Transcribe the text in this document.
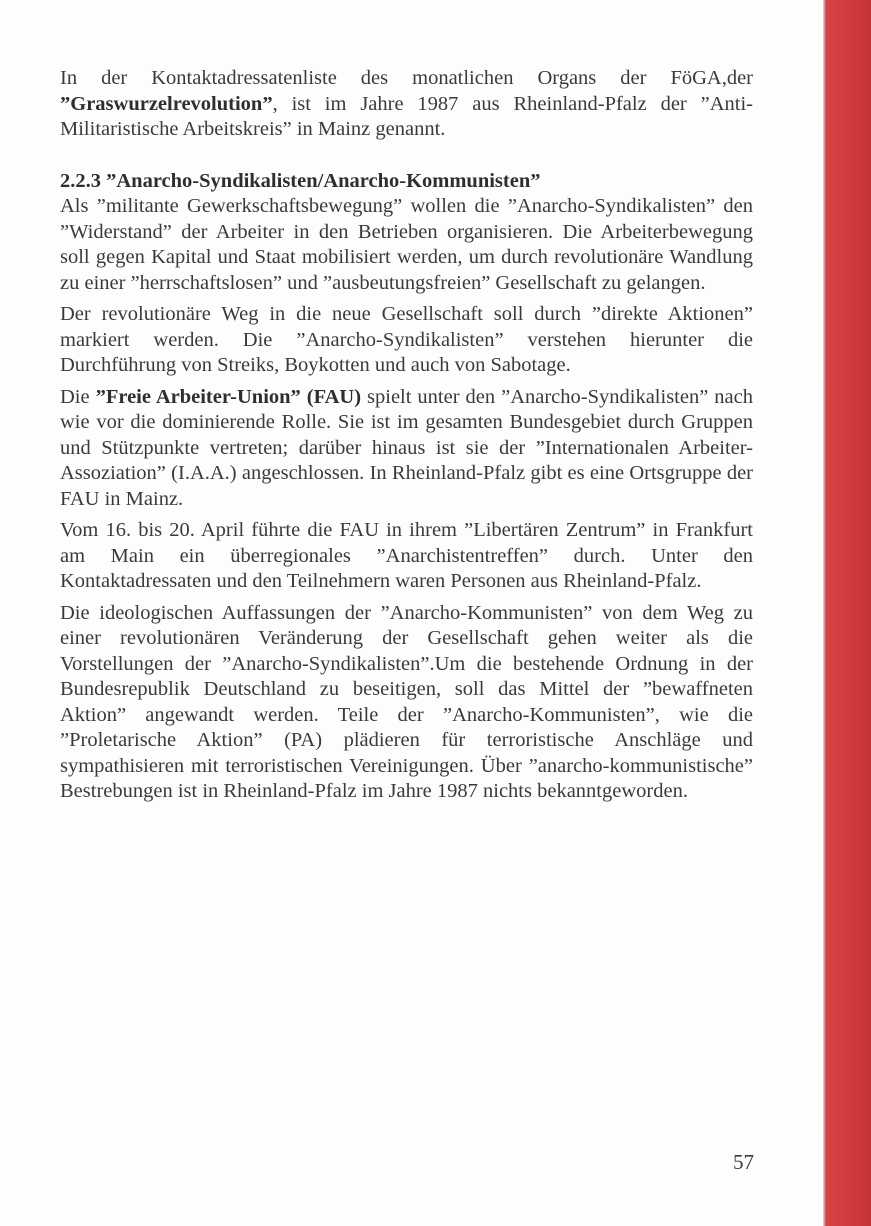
In der Kontaktadressatenliste des monatlichen Organs der FöGA,der ”Graswurzelrevolution”, ist im Jahre 1987 aus Rheinland-Pfalz der ”Anti-Militaristische Arbeitskreis” in Mainz genannt.

2.2.3 ”Anarcho-Syndikalisten/Anarcho-Kommunisten”

Als ”militante Gewerkschaftsbewegung” wollen die ”Anarcho-Syndikalisten” den ”Widerstand” der Arbeiter in den Betrieben organisieren. Die Arbeiterbewegung soll gegen Kapital und Staat mobilisiert werden, um durch revolutionäre Wandlung zu einer ”herrschaftslosen” und ”ausbeutungsfreien” Gesellschaft zu gelangen.

Der revolutionäre Weg in die neue Gesellschaft soll durch ”direkte Aktionen” markiert werden. Die ”Anarcho-Syndikalisten” verstehen hierunter die Durchführung von Streiks, Boykotten und auch von Sabotage.

Die ”Freie Arbeiter-Union” (FAU) spielt unter den ”Anarcho-Syndikalisten” nach wie vor die dominierende Rolle. Sie ist im gesamten Bundesgebiet durch Gruppen und Stützpunkte vertreten; darüber hinaus ist sie der ”Internationalen Arbeiter-Assoziation” (I.A.A.) angeschlossen. In Rheinland-Pfalz gibt es eine Ortsgruppe der FAU in Mainz.

Vom 16. bis 20. April führte die FAU in ihrem ”Libertären Zentrum” in Frankfurt am Main ein überregionales ”Anarchistentreffen” durch. Unter den Kontaktadressaten und den Teilnehmern waren Personen aus Rheinland-Pfalz.

Die ideologischen Auffassungen der ”Anarcho-Kommunisten” von dem Weg zu einer revolutionären Veränderung der Gesellschaft gehen weiter als die Vorstellungen der ”Anarcho-Syndikalisten”.Um die bestehende Ordnung in der Bundesrepublik Deutschland zu beseitigen, soll das Mittel der ”bewaffneten Aktion” angewandt werden. Teile der ”Anarcho-Kommunisten”, wie die ”Proletarische Aktion” (PA) plädieren für terroristische Anschläge und sympathisieren mit terroristischen Vereinigungen. Über ”anarcho-kommunistische” Bestrebungen ist in Rheinland-Pfalz im Jahre 1987 nichts bekanntgeworden.

57
